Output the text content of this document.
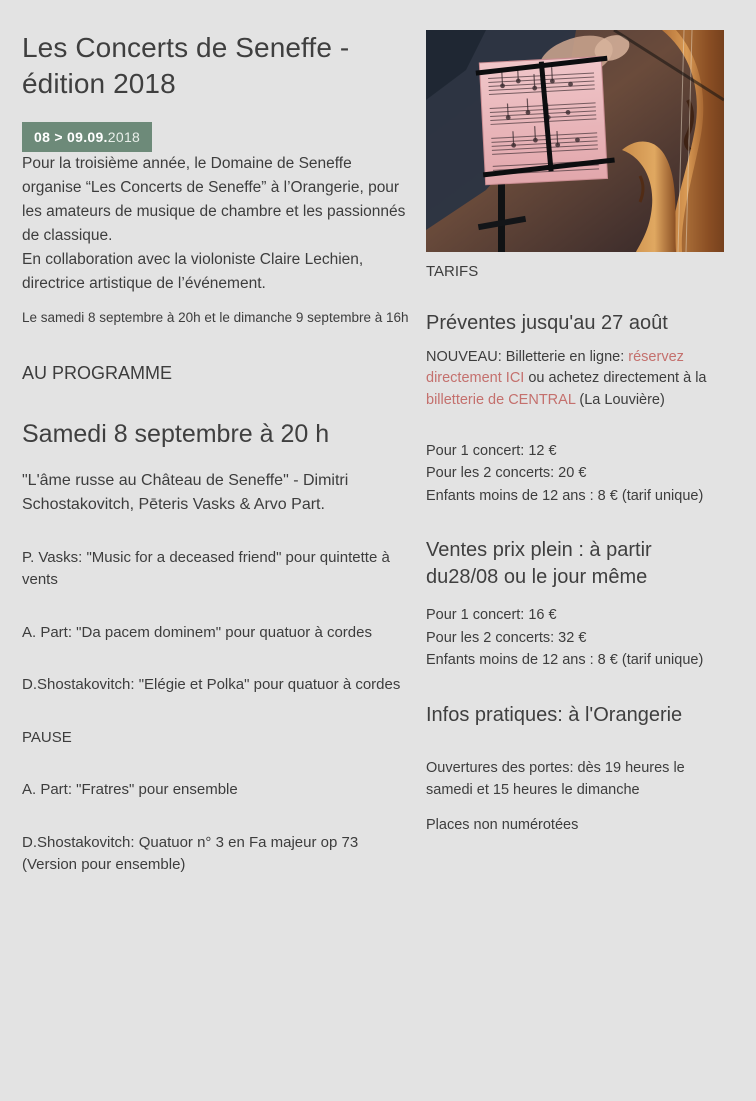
Les Concerts de Seneffe - édition 2018
08 > 09.09.2018

Pour la troisième année, le Domaine de Seneffe organise “Les Concerts de Seneffe” à l’Orangerie, pour les amateurs de musique de chambre et les passionnés de classique.

En collaboration avec la violoniste Claire Lechien, directrice artistique de l’événement.

Le samedi 8 septembre à 20h et le dimanche 9 septembre à 16h

AU PROGRAMME
Samedi 8 septembre à 20 h

"L'âme russe au Château de Seneffe" - Dimitri Schostakovitch, Pēteris Vasks & Arvo Part.

P. Vasks: "Music for a deceased friend" pour quintette à vents

A. Part: "Da pacem dominem" pour quatuor à cordes

D.Shostakovitch: "Elégie et Polka" pour quatuor à cordes

PAUSE

A. Part: "Fratres" pour ensemble

D.Shostakovitch: Quatuor n° 3 en Fa majeur op 73 (Version pour ensemble)

TARIFS
Préventes jusqu'au 27 août

NOUVEAU: Billetterie en ligne: réservez directement ICI ou achetez directement à la billetterie de CENTRAL (La Louvière)

Pour 1 concert: 12 €
Pour les 2 concerts: 20 €
Enfants moins de 12 ans : 8 € (tarif unique)
Ventes prix plein : à partir du28/08 ou le jour même
Pour 1 concert: 16 €
Pour les 2 concerts: 32 €
Enfants moins de 12 ans : 8 € (tarif unique)
Infos pratiques: à l'Orangerie
Ouvertures des portes: dès 19 heures le samedi et 15 heures le dimanche
Places non numérotées
